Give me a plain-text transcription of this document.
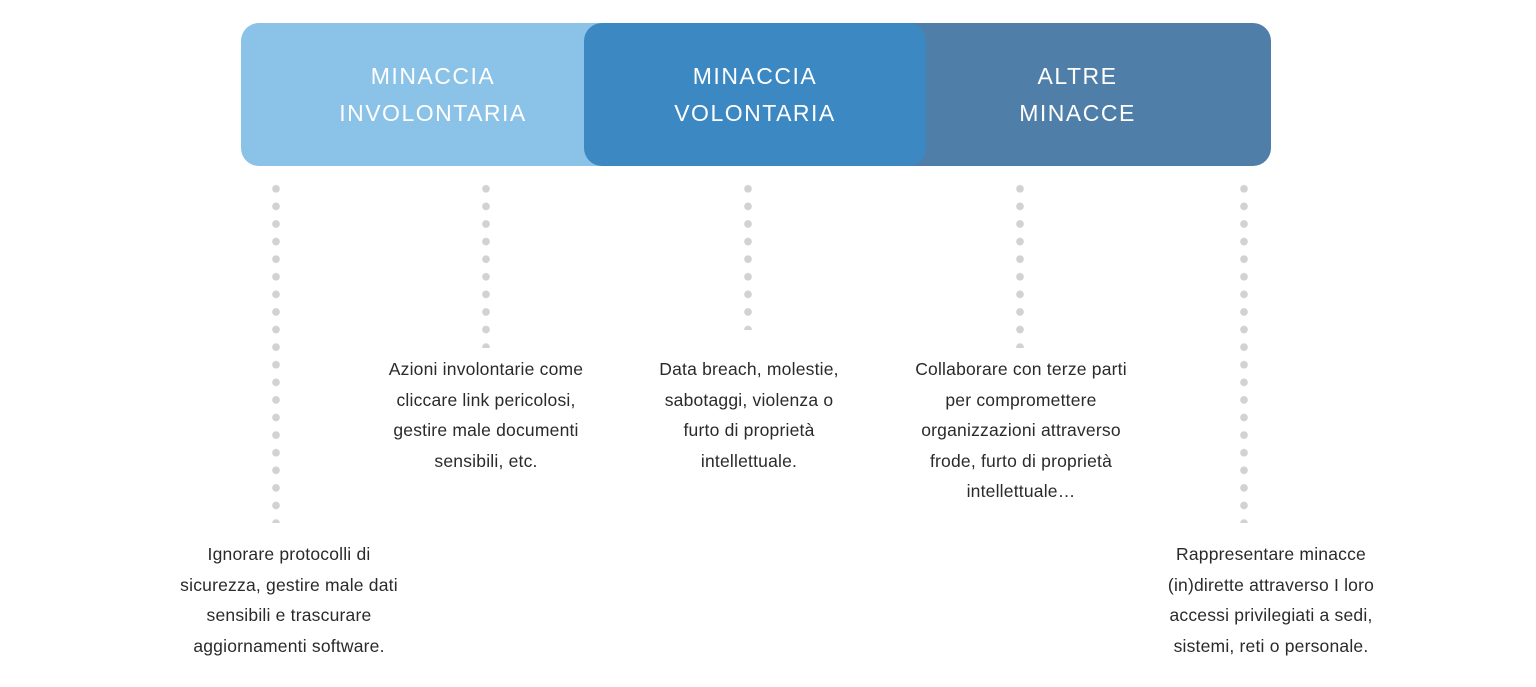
MINACCIA
INVOLONTARIA
ALTRE
MINACCE
MINACCIA
VOLONTARIA
Ignorare protocolli di
sicurezza, gestire male dati
sensibili e trascurare
aggiornamenti software.
Azioni involontarie come
cliccare link pericolosi,
gestire male documenti
sensibili, etc.
Data breach, molestie,
sabotaggi, violenza o
furto di proprietà
intellettuale.
Collaborare con terze parti
per compromettere
organizzazioni attraverso
frode, furto di proprietà
intellettuale…
Rappresentare minacce
(in)dirette attraverso I loro
accessi privilegiati a sedi,
sistemi, reti o personale.
